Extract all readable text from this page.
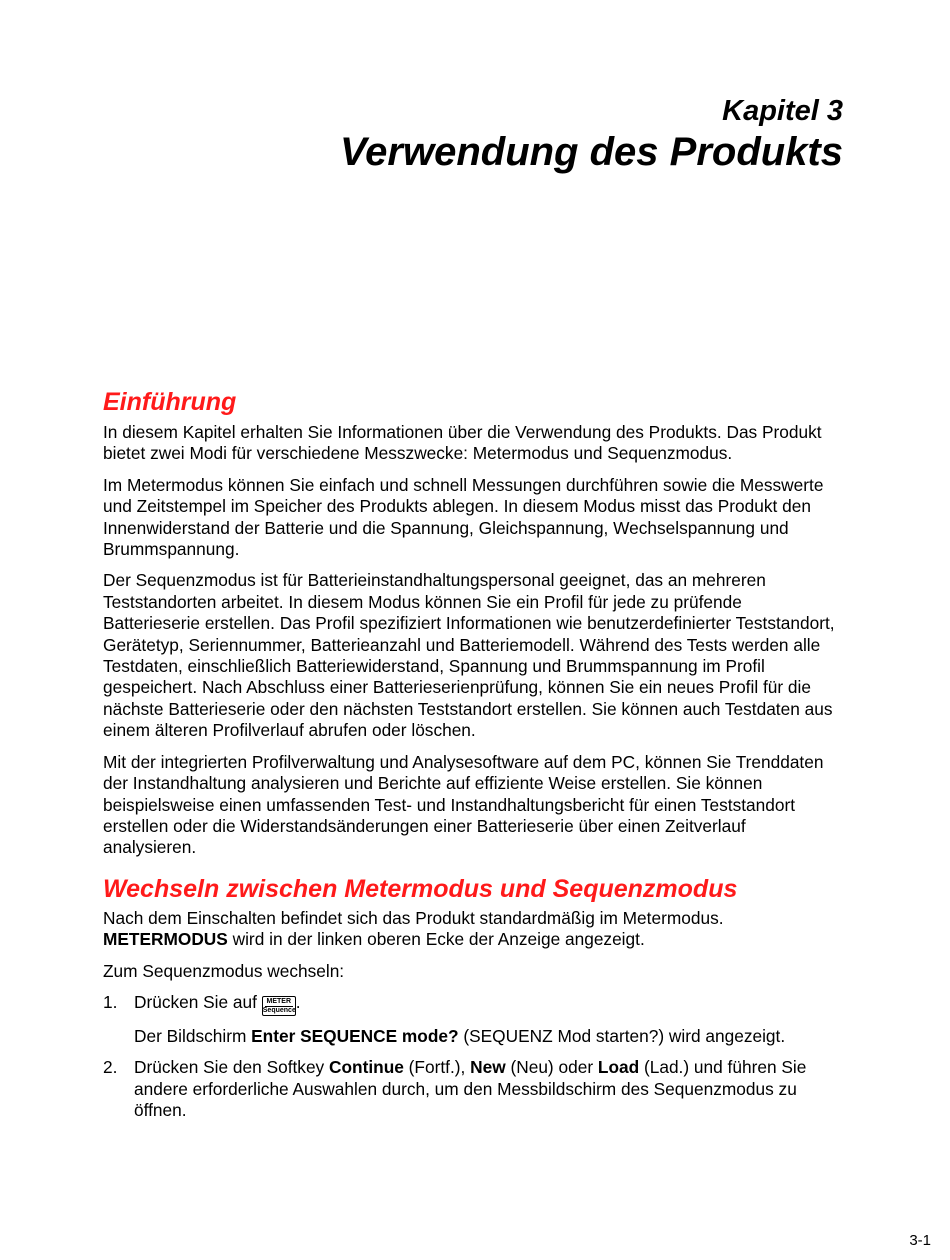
Kapitel 3
Verwendung des Produkts
Einführung

In diesem Kapitel erhalten Sie Informationen über die Verwendung des Produkts. Das Produkt bietet zwei Modi für verschiedene Messzwecke: Metermodus und Sequenzmodus.

Im Metermodus können Sie einfach und schnell Messungen durchführen sowie die Messwerte und Zeitstempel im Speicher des Produkts ablegen. In diesem Modus misst das Produkt den Innenwiderstand der Batterie und die Spannung, Gleichspannung, Wechselspannung und Brummspannung.

Der Sequenzmodus ist für Batterieinstandhaltungspersonal geeignet, das an mehreren Teststandorten arbeitet. In diesem Modus können Sie ein Profil für jede zu prüfende Batterieserie erstellen. Das Profil spezifiziert Informationen wie benutzerdefinierter Teststandort, Gerätetyp, Seriennummer, Batterieanzahl und Batteriemodell. Während des Tests werden alle Testdaten, einschließlich Batteriewiderstand, Spannung und Brummspannung im Profil gespeichert. Nach Abschluss einer Batterieserienprüfung, können Sie ein neues Profil für die nächste Batterieserie oder den nächsten Teststandort erstellen. Sie können auch Testdaten aus einem älteren Profilverlauf abrufen oder löschen.

Mit der integrierten Profilverwaltung und Analysesoftware auf dem PC, können Sie Trenddaten der Instandhaltung analysieren und Berichte auf effiziente Weise erstellen. Sie können beispielsweise einen umfassenden Test- und Instandhaltungsbericht für einen Teststandort erstellen oder die Widerstandsänderungen einer Batterieserie über einen Zeitverlauf analysieren.

Wechseln zwischen Metermodus und Sequenzmodus

Nach dem Einschalten befindet sich das Produkt standardmäßig im Metermodus.
METERMODUS wird in der linken oberen Ecke der Anzeige angezeigt.

Zum Sequenzmodus wechseln:

1. Drücken Sie auf METER
Sequence .

Der Bildschirm Enter SEQUENCE mode? (SEQUENZ Mod starten?) wird angezeigt.

2. Drücken Sie den Softkey Continue (Fortf.), New (Neu) oder Load (Lad.) und führen Sie andere erforderliche Auswahlen durch, um den Messbildschirm des Sequenzmodus zu öffnen.

3-1
